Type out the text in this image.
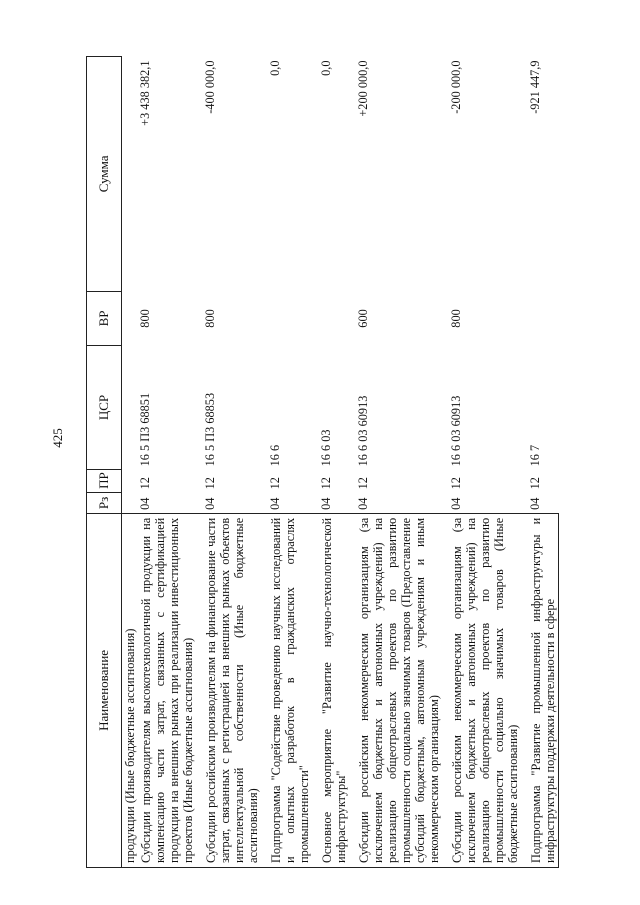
425
Наименование	Рз	ПР	ЦСР	ВР	Сумма
продукции (Иные бюджетные ассигнования)					
Субсидии производителям высокотехнологичной продукции на компенсацию части затрат, связанных с сертификацией продукции на внешних рынках при реализации инвестиционных проектов (Иные бюджетные ассигнования)	04	12	16 5 П3 68851	800	+3 438 382,1

Субсидии российским производителям на финансирование части затрат, связанных с регистрацией на внешних рынках объектов интеллектуальной собственности (Иные бюджетные ассигнования)	04	12	16 5 П3 68853	800	-400 000,0

Подпрограмма "Содействие проведению научных исследований и опытных разработок в гражданских отраслях промышленности"	04	12	16 6		0,0

Основное мероприятие "Развитие научно-технологической инфраструктуры"	04	12	16 6 03		0,0

Субсидии российским некоммерческим организациям (за исключением бюджетных и автономных учреждений) на реализацию общеотраслевых проектов по развитию промышленности социально значимых товаров (Предоставление субсидий бюджетным, автономным учреждениям и иным некоммерческим организациям)	04	12	16 6 03 60913	600	+200 000,0

Субсидии российским некоммерческим организациям (за исключением бюджетных и автономных учреждений) на реализацию общеотраслевых проектов по развитию промышленности социально значимых товаров (Иные бюджетные ассигнования)	04	12	16 6 03 60913	800	-200 000,0

Подпрограмма "Развитие промышленной инфраструктуры и инфраструктуры поддержки деятельности в сфере	04	12	16 7		-921 447,9
